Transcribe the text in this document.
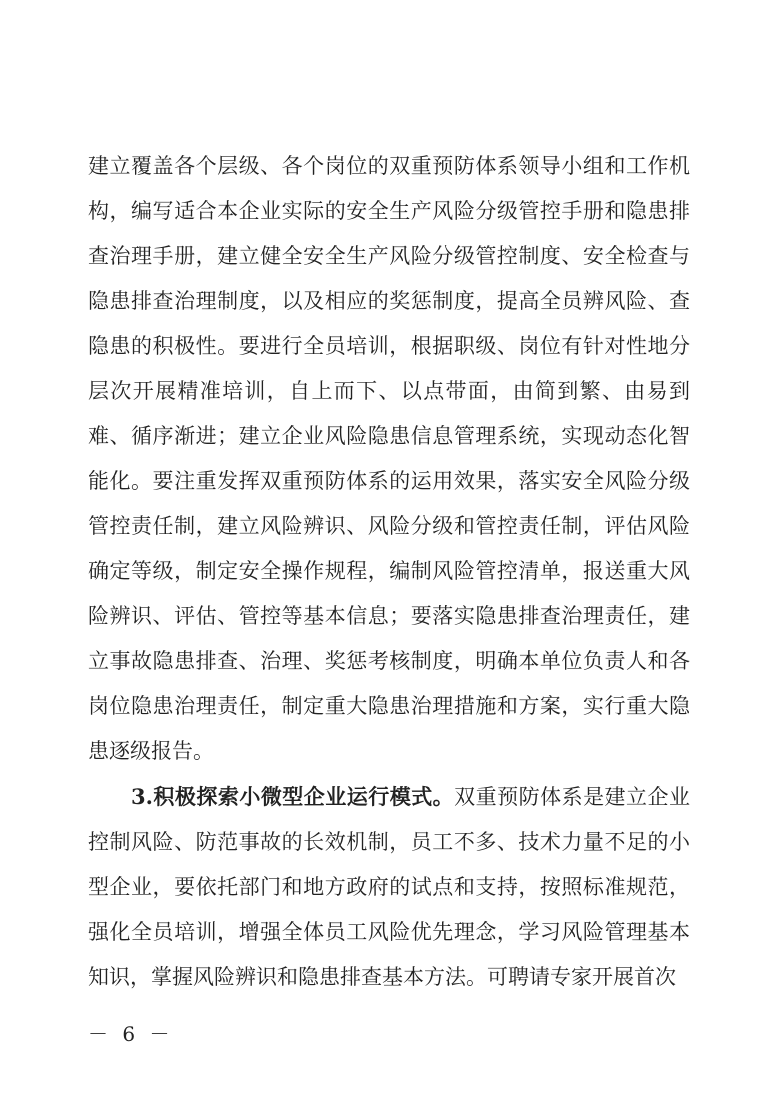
建立覆盖各个层级、各个岗位的双重预防体系领导小组和工作机构，编写适合本企业实际的安全生产风险分级管控手册和隐患排查治理手册，建立健全安全生产风险分级管控制度、安全检查与隐患排查治理制度，以及相应的奖惩制度，提高全员辨风险、查隐患的积极性。要进行全员培训，根据职级、岗位有针对性地分层次开展精准培训，自上而下、以点带面，由简到繁、由易到难、循序渐进；建立企业风险隐患信息管理系统，实现动态化智能化。要注重发挥双重预防体系的运用效果，落实安全风险分级管控责任制，建立风险辨识、风险分级和管控责任制，评估风险确定等级，制定安全操作规程，编制风险管控清单，报送重大风险辨识、评估、管控等基本信息；要落实隐患排查治理责任，建立事故隐患排查、治理、奖惩考核制度，明确本单位负责人和各岗位隐患治理责任，制定重大隐患治理措施和方案，实行重大隐患逐级报告。

3.积极探索小微型企业运行模式。双重预防体系是建立企业控制风险、防范事故的长效机制，员工不多、技术力量不足的小型企业，要依托部门和地方政府的试点和支持，按照标准规范，强化全员培训，增强全体员工风险优先理念，学习风险管理基本知识，掌握风险辨识和隐患排查基本方法。可聘请专家开展首次

－ 6 －
